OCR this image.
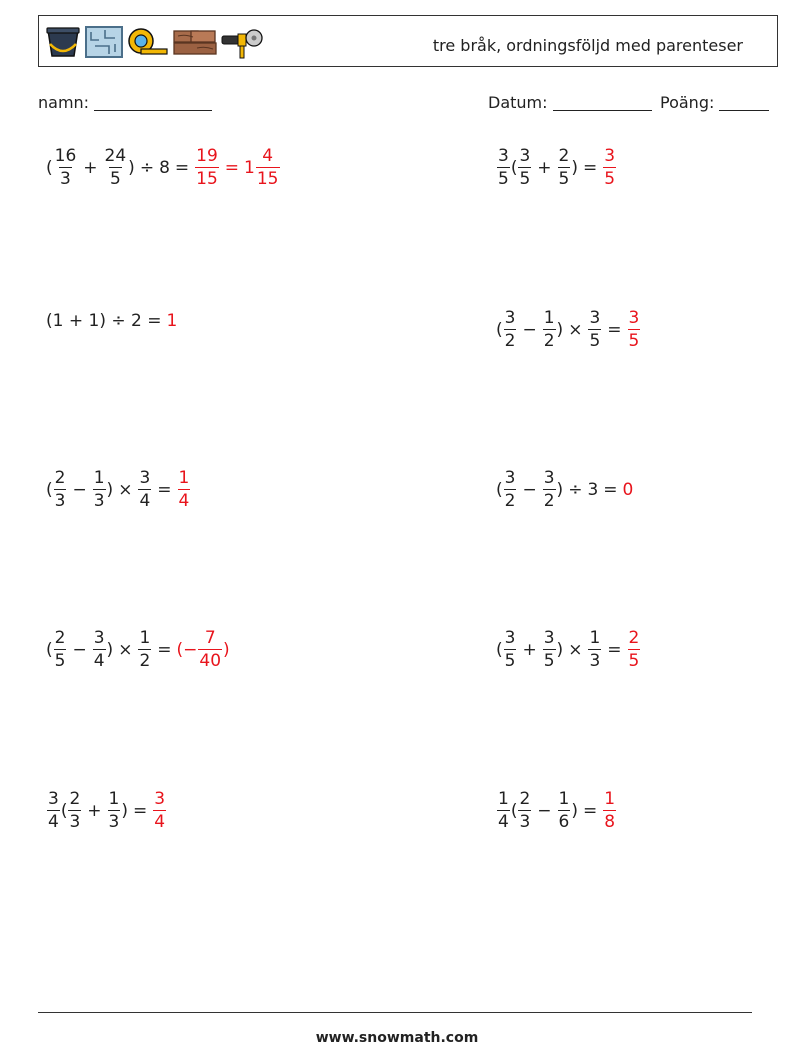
tre bråk, ordningsföljd med parenteser
namn:	Datum:	Poäng:
( $\frac{16}{3} + \frac{24}{5}$ ) ÷ $8 = \frac{19}{15} = 1 \frac{4}{15}$	$\frac{3}{5}$ ( $\frac{3}{5} + \frac{2}{5}$ ) = $\frac{3}{5}$
(1 + 1) ÷ 2 = 1	( $\frac{3}{2} - \frac{1}{2}$ ) × $\frac{3}{5} = \frac{3}{5}$
( $\frac{2}{3} - \frac{1}{3}$ ) × $\frac{3}{4} = \frac{1}{4}$	( $\frac{3}{2} - \frac{3}{2}$ ) ÷ 3 = 0
( $\frac{2}{5} - \frac{3}{4}$ ) × $\frac{1}{2}$ = (− $\frac{7}{40}$ )	( $\frac{3}{5} + \frac{3}{5}$ ) × $\frac{1}{3} = \frac{2}{5}$
$\frac{3}{4}$ ( $\frac{2}{3} + \frac{1}{3}$ ) = $\frac{3}{4}$	$\frac{1}{4}$ ( $\frac{2}{3} - \frac{1}{6}$ ) = $\frac{1}{8}$
www.snowmath.com
